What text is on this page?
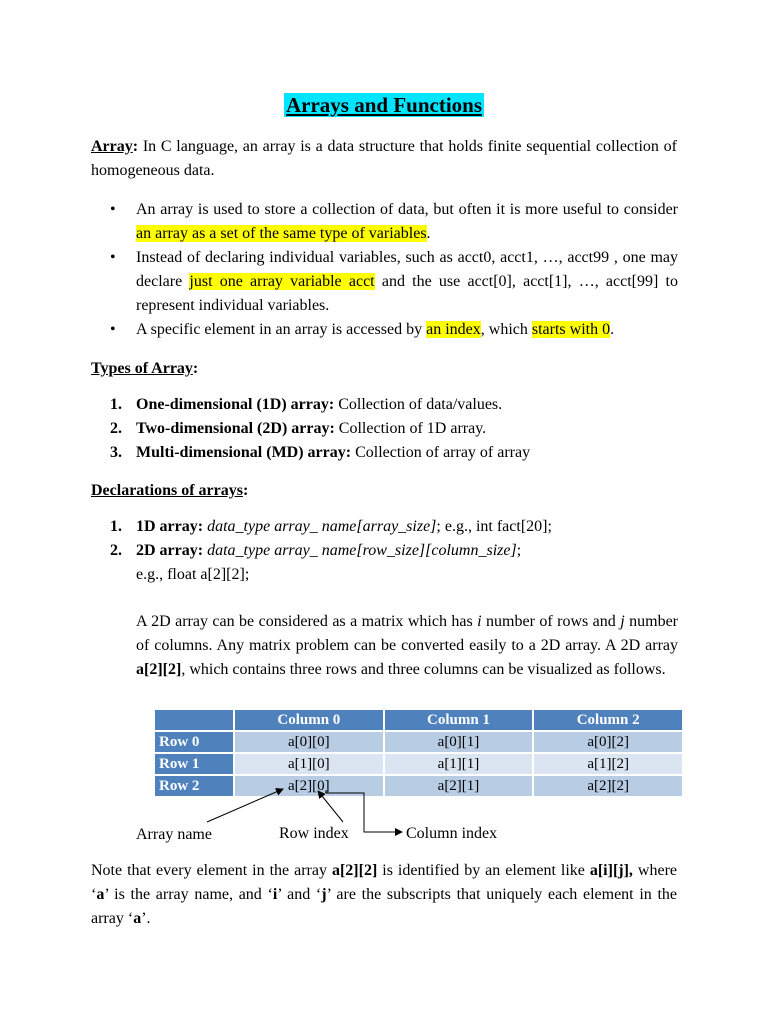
Arrays and Functions
Array: In C language, an array is a data structure that holds finite sequential collection of homogeneous data.
• An array is used to store a collection of data, but often it is more useful to consider an array as a set of the same type of variables.
• Instead of declaring individual variables, such as acct0, acct1, …, acct99 , one may declare just one array variable acct and the use acct[0], acct[1], …, acct[99] to represent individual variables.
• A specific element in an array is accessed by an index, which starts with 0.
Types of Array:
1. One-dimensional (1D) array: Collection of data/values.
2. Two-dimensional (2D) array: Collection of 1D array.
3. Multi-dimensional (MD) array: Collection of array of array
Declarations of arrays:
1. 1D array: data_type array_ name[array_size]; e.g., int fact[20];
2. 2D array: data_type array_ name[row_size][column_size];
e.g., float a[2][2];
A 2D array can be considered as a matrix which has i number of rows and j number of columns. Any matrix problem can be converted easily to a 2D array. A 2D array a[2][2], which contains three rows and three columns can be visualized as follows.
	Column 0	Column 1	Column 2
Row 0	a[0][0]	a[0][1]	a[0][2]
Row 1	a[1][0]	a[1][1]	a[1][2]
Row 2	a[2][0]	a[2][1]	a[2][2]
Array name	Row index	Column index
Note that every element in the array a[2][2] is identified by an element like a[i][j], where ‘a’ is the array name, and ‘i’ and ‘j’ are the subscripts that uniquely each element in the array ‘a’.
